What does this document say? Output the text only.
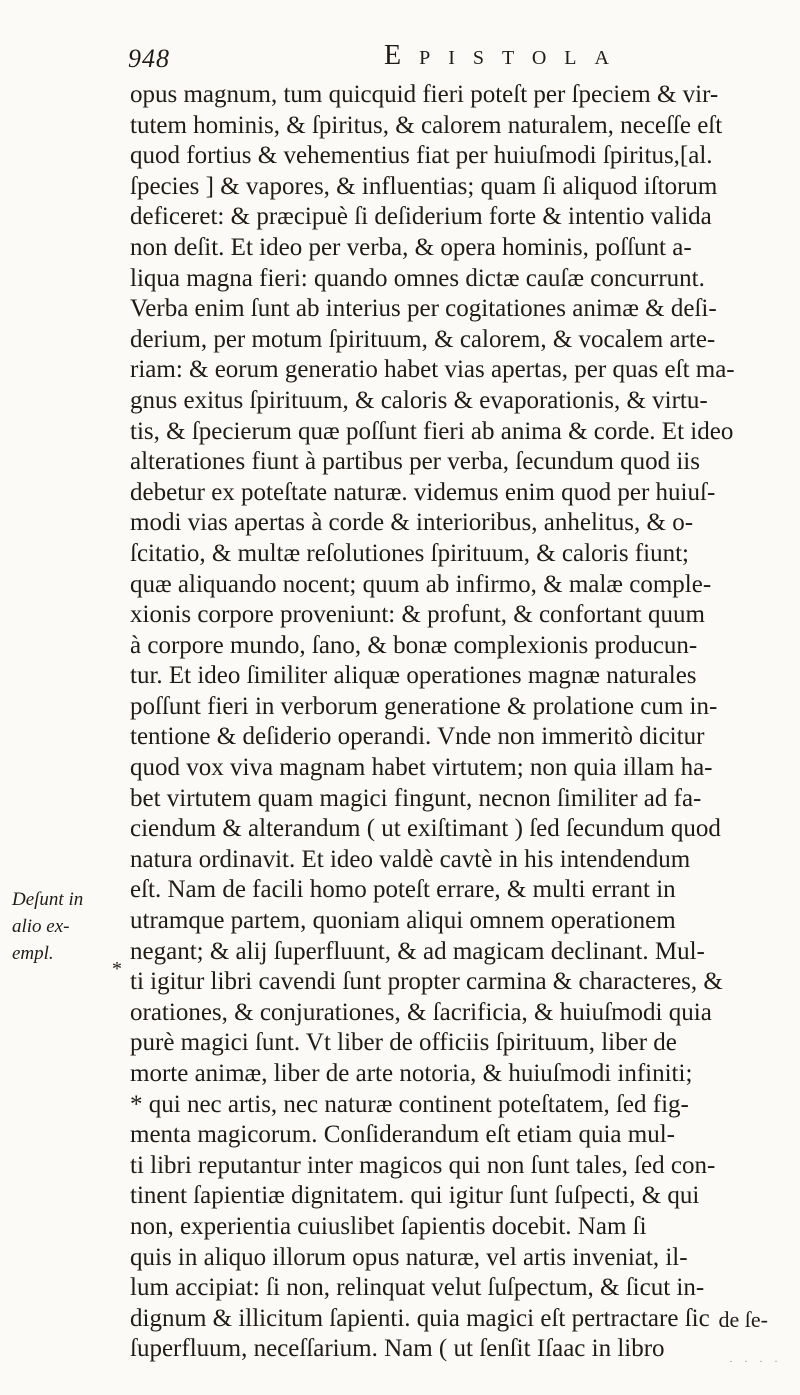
948	Epistola
opus magnum, tum quicquid fieri poteſt per ſpeciem & vir-
tutem hominis, & ſpiritus, & calorem naturalem, neceſſe eſt
quod fortius & vehementius fiat per huiuſmodi ſpiritus,[al.
ſpecies ] & vapores, & influentias; quam ſi aliquod iſtorum
deficeret: & præcipuè ſi deſiderium forte & intentio valida
non deſit. Et ideo per verba, & opera hominis, poſſunt a-
liqua magna fieri: quando omnes dictæ cauſæ concurrunt.
Verba enim ſunt ab interius per cogitationes animæ & deſi-
derium, per motum ſpirituum, & calorem, & vocalem arte-
riam: & eorum generatio habet vias apertas, per quas eſt ma-
gnus exitus ſpirituum, & caloris & evaporationis, & virtu-
tis, & ſpecierum quæ poſſunt fieri ab anima & corde. Et ideo
alterationes fiunt à partibus per verba, ſecundum quod iis
debetur ex poteſtate naturæ. videmus enim quod per huiuſ-
modi vias apertas à corde & interioribus, anhelitus, & o-
ſcitatio, & multæ reſolutiones ſpirituum, & caloris fiunt;
quæ aliquando nocent; quum ab infirmo, & malæ comple-
xionis corpore proveniunt: & profunt, & confortant quum
à corpore mundo, ſano, & bonæ complexionis producun-
tur. Et ideo ſimiliter aliquæ operationes magnæ naturales
poſſunt fieri in verborum generatione & prolatione cum in-
tentione & deſiderio operandi. Vnde non immeritò dicitur
quod vox viva magnam habet virtutem; non quia illam ha-
bet virtutem quam magici fingunt, necnon ſimiliter ad fa-
ciendum & alterandum ( ut exiſtimant ) ſed ſecundum quod
natura ordinavit. Et ideo valdè cavtè in his intendendum
eſt. Nam de facili homo poteſt errare, & multi errant in
utramque partem, quoniam aliqui omnem operationem
negant; & alij ſuperfluunt, & ad magicam declinant. Mul-
ti igitur libri cavendi ſunt propter carmina & characteres, &
orationes, & conjurationes, & ſacrificia, & huiuſmodi quia
purè magici ſunt. Vt liber de officiis ſpirituum, liber de
morte animæ, liber de arte notoria, & huiuſmodi infiniti;
* qui nec artis, nec naturæ continent poteſtatem, ſed fig-
menta magicorum. Conſiderandum eſt etiam quia mul-
ti libri reputantur inter magicos qui non ſunt tales, ſed con-
tinent ſapientiæ dignitatem. qui igitur ſunt ſuſpecti, & qui
non, experientia cuiuslibet ſapientis docebit. Nam ſi
quis in aliquo illorum opus naturæ, vel artis inveniat, il-
lum accipiat: ſi non, relinquat velut ſuſpectum, & ſicut in-
dignum & illicitum ſapienti. quia magici eſt pertractare ſic
ſuperfluum, neceſſarium. Nam ( ut ſenſit Iſaac in libro
Deſunt in
alio ex-
empl.
*
de ſe-
· · · ·
